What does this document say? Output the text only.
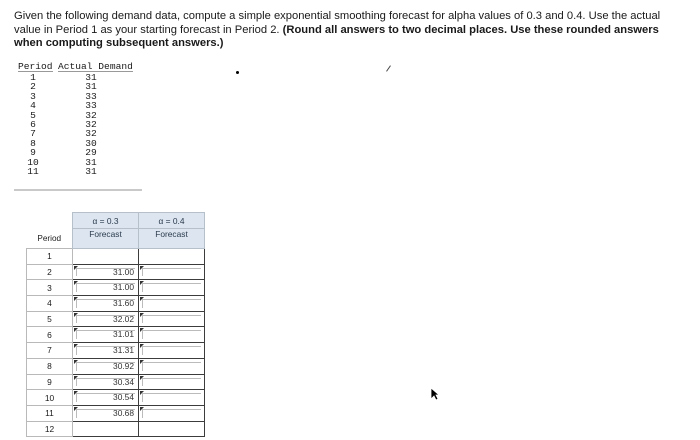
Given the following demand data, compute a simple exponential smoothing forecast for alpha values of 0.3 and 0.4. Use the actual value in Period 1 as your starting forecast in Period 2. (Round all answers to two decimal places. Use these rounded answers when computing subsequent answers.)
Period Actual Demand
1	31
2	31
3	33
4	33
5	32
6	32
7	32
8	30
9	29
10	31
11	31
	α = 0.3	α = 0.4
Period	Forecast	Forecast
1		
2	31.00	

3	31.00	

4	31.60	

5	32.02	

6	31.01	

7	31.31	

8	30.92	

9	30.34	

10	30.54	

11	30.68	

12		
